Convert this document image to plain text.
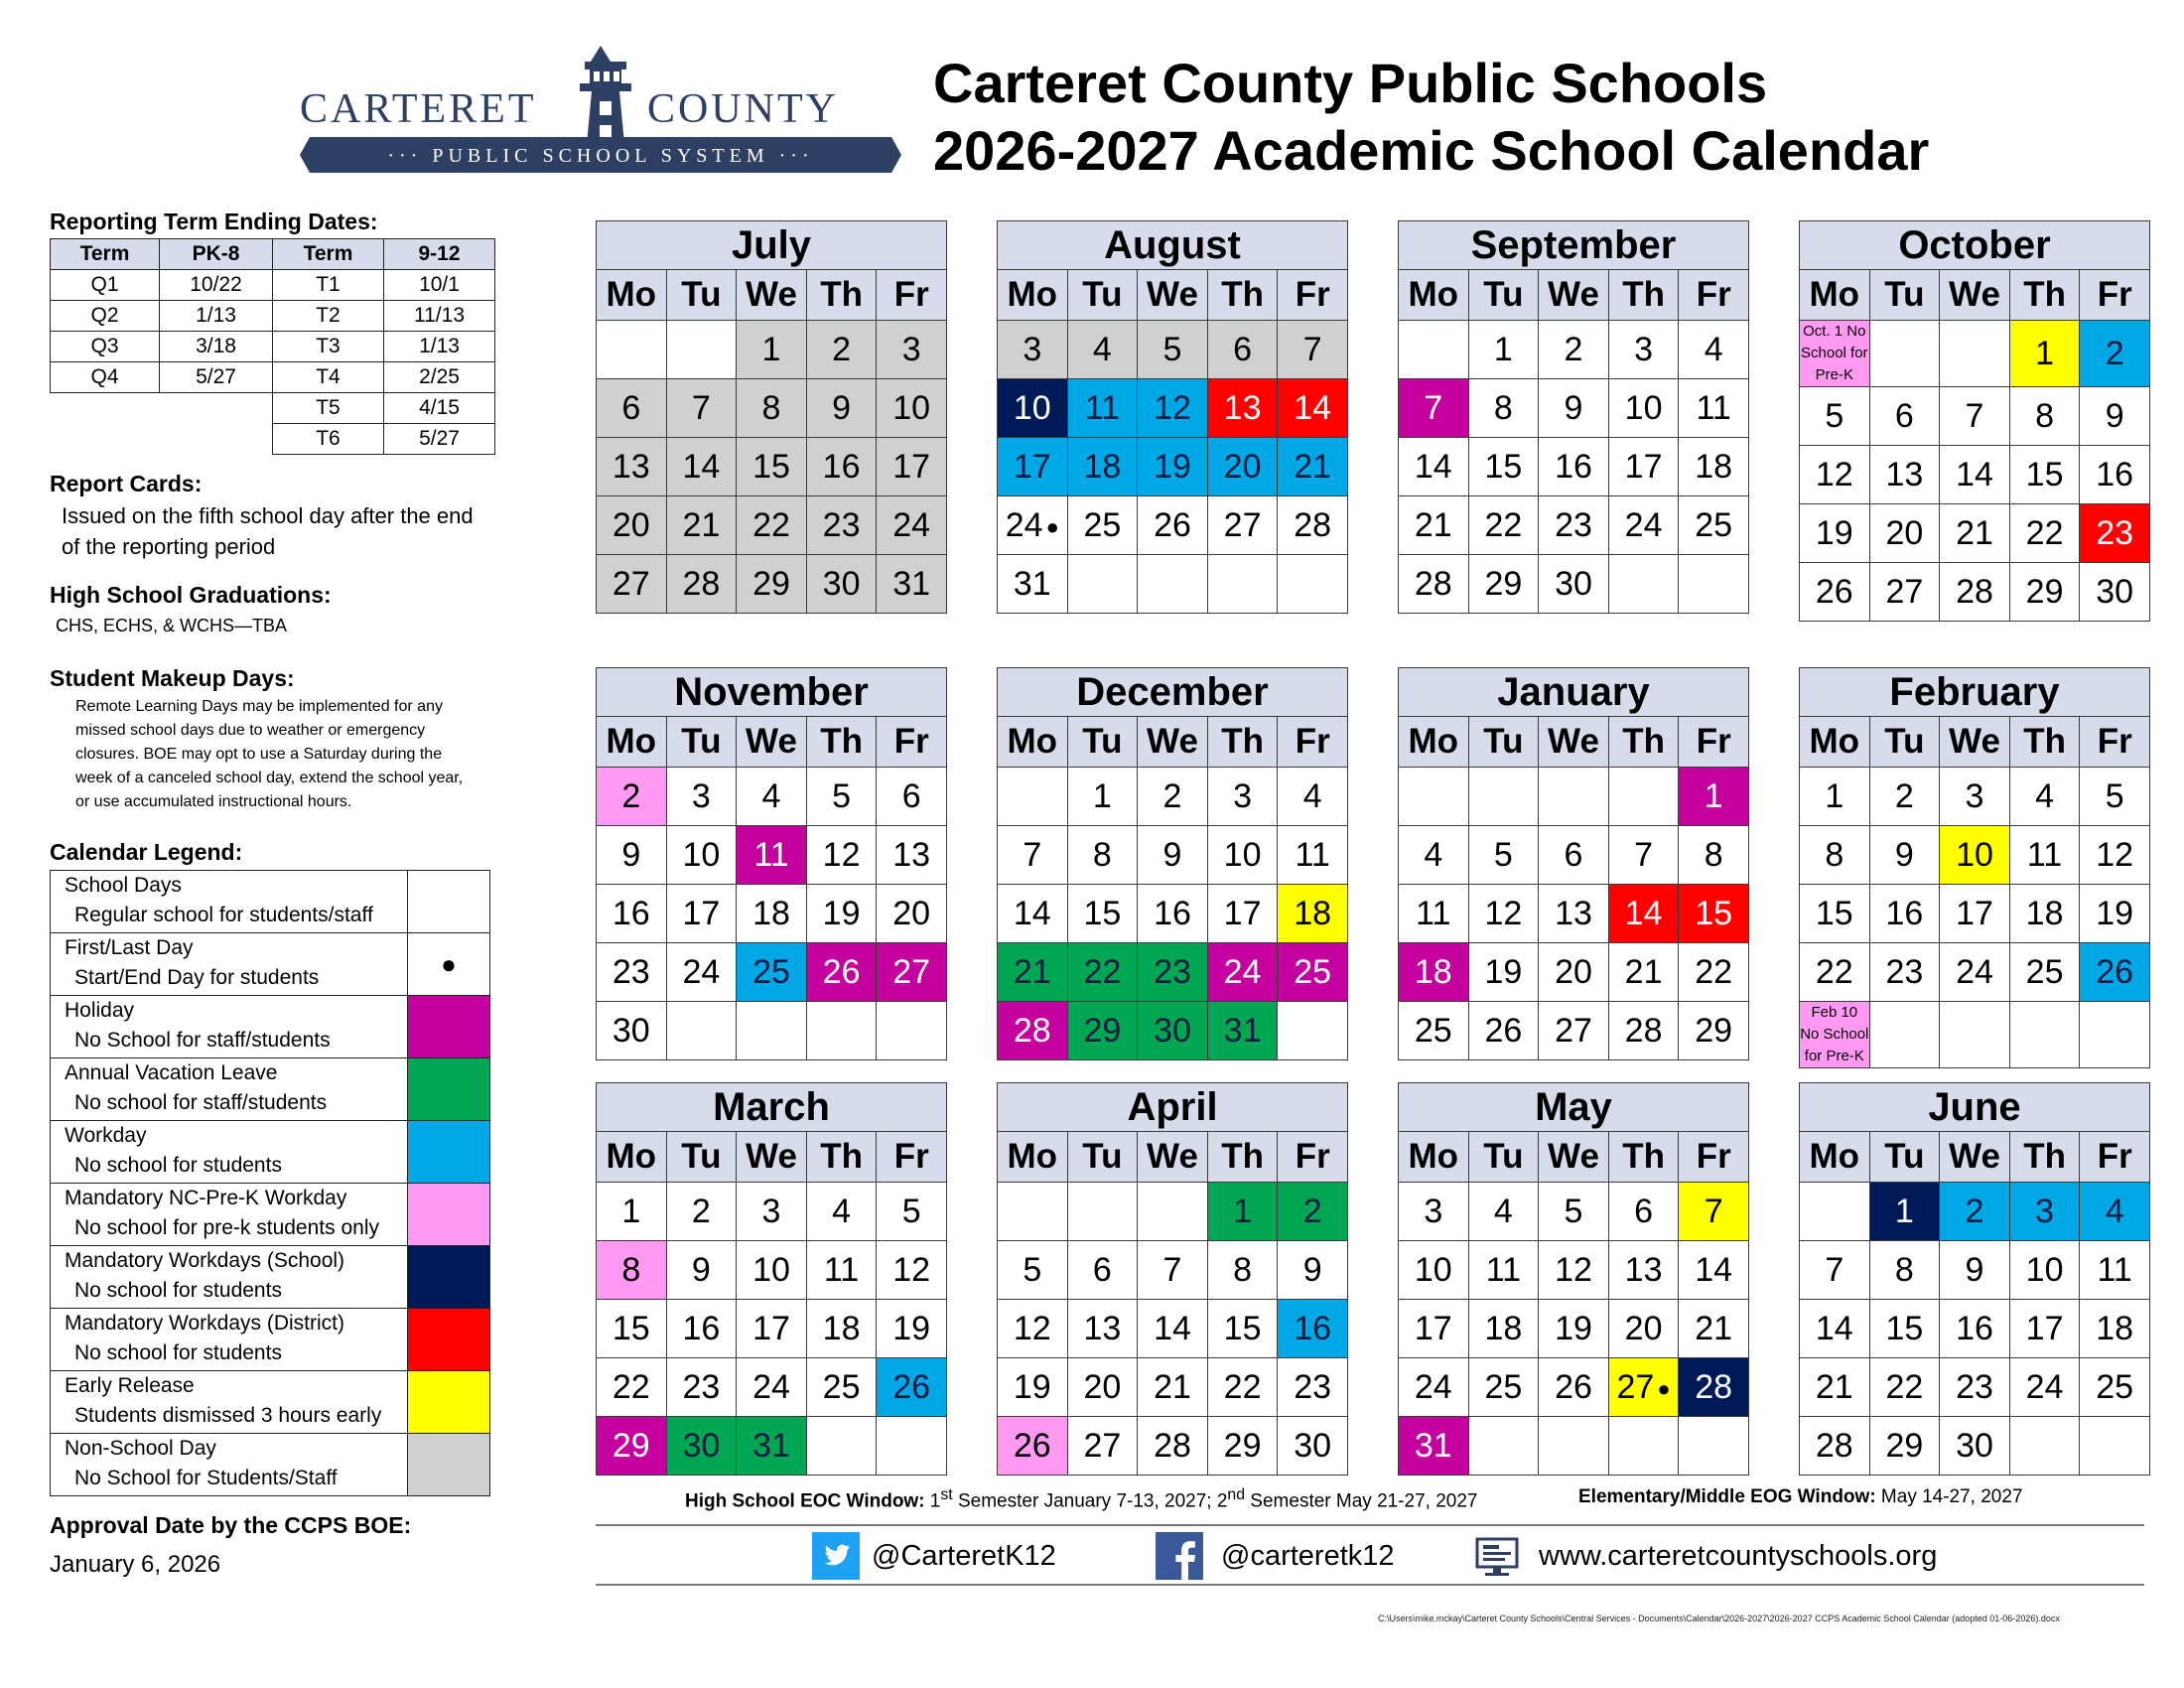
CARTERET	COUNTY
··· PUBLIC SCHOOL SYSTEM ···
Carteret County Public Schools
2026-2027 Academic School Calendar
Reporting Term Ending Dates:
Term	PK-8	Term	9-12
Q1	10/22	T1	10/1
Q2	1/13	T2	11/13
Q3	3/18	T3	1/13
Q4	5/27	T4	2/25
		T5	4/15
		T6	5/27
Report Cards:
Issued on the fifth school day after the end
of the reporting period
High School Graduations:
CHS, ECHS, & WCHS—TBA
Student Makeup Days:
Remote Learning Days may be implemented for any
missed school days due to weather or emergency
closures. BOE may opt to use a Saturday during the
week of a canceled school day, extend the school year,
or use accumulated instructional hours.
Calendar Legend:
School Days
Regular school for students/staff	

First/Last Day
Start/End Day for students	●

Holiday
No School for staff/students	

Annual Vacation Leave
No school for staff/students	

Workday
No school for students	

Mandatory NC-Pre-K Workday
No school for pre-k students only	

Mandatory Workdays (School)
No school for students	

Mandatory Workdays (District)
No school for students	

Early Release
Students dismissed 3 hours early	

Non-School Day
No School for Students/Staff	

Approval Date by the CCPS BOE:
January 6, 2026
July				
Mo	Tu	We	Th	Fr
		1	2	3
6	7	8	9	10
13	14	15	16	17
20	21	22	23	24
27	28	29	30	31
August				
Mo	Tu	We	Th	Fr
3	4	5	6	7
10	11	12	13	14
17	18	19	20	21
24 ●	25	26	27	28
31				
September				
Mo	Tu	We	Th	Fr
	1	2	3	4
7	8	9	10	11
14	15	16	17	18
21	22	23	24	25
28	29	30		
October				
Mo	Tu	We	Th	Fr
Oct. 1 No School for Pre-K			1	2
5	6	7	8	9
12	13	14	15	16
19	20	21	22	23
26	27	28	29	30
November				
Mo	Tu	We	Th	Fr
2	3	4	5	6
9	10	11	12	13
16	17	18	19	20
23	24	25	26	27
30				
December				
Mo	Tu	We	Th	Fr
	1	2	3	4
7	8	9	10	11
14	15	16	17	18
21	22	23	24	25
28	29	30	31	
January				
Mo	Tu	We	Th	Fr
				1
4	5	6	7	8
11	12	13	14	15
18	19	20	21	22
25	26	27	28	29
February				
Mo	Tu	We	Th	Fr
1	2	3	4	5
8	9	10	11	12
15	16	17	18	19
22	23	24	25	26
Feb 10 No School for Pre-K				
March				
Mo	Tu	We	Th	Fr
1	2	3	4	5
8	9	10	11	12
15	16	17	18	19
22	23	24	25	26
29	30	31		
April				
Mo	Tu	We	Th	Fr
			1	2
5	6	7	8	9
12	13	14	15	16
19	20	21	22	23
26	27	28	29	30
May				
Mo	Tu	We	Th	Fr
3	4	5	6	7
10	11	12	13	14
17	18	19	20	21
24	25	26	27 ●	28
31				
June				
Mo	Tu	We	Th	Fr
	1	2	3	4
7	8	9	10	11
14	15	16	17	18
21	22	23	24	25
28	29	30		
High School EOC Window: 1st Semester January 7-13, 2027; 2nd Semester May 21-27, 2027	Elementary/Middle EOG Window: May 14-27, 2027
@CarteretK12	@carteretk12	www.carteretcountyschools.org
C:\Users\mike.mckay\Carteret County Schools\Central Services - Documents\Calendar\2026-2027\2026-2027 CCPS Academic School Calendar (adopted 01-06-2026).docx
